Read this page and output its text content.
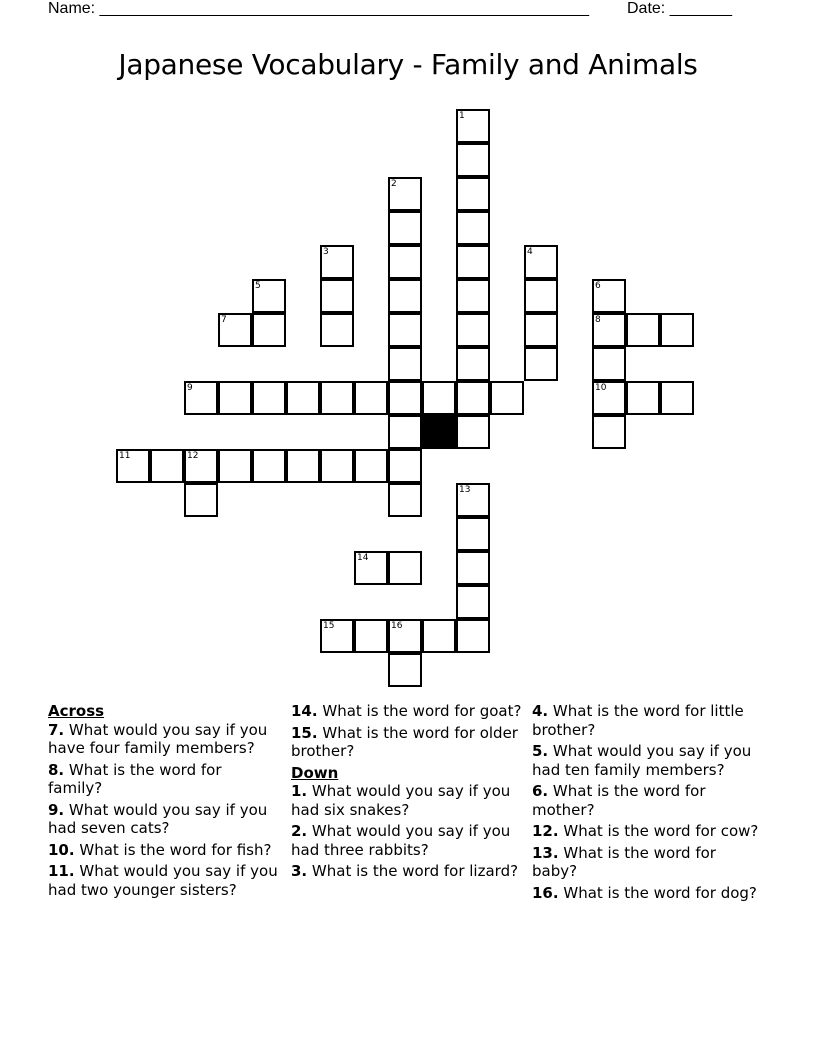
Name: _______________________________________________________ Date: _______
Japanese Vocabulary - Family and Animals
1
2
3	4
5	6
8
10
7
9
11	12
13
14
15	16
Across
7. What would you say if you have four family members?
8. What is the word for family?
9. What would you say if you had seven cats?
10. What is the word for fish?
11. What would you say if you had two younger sisters?
14. What is the word for goat?
15. What is the word for older brother?
Down
1. What would you say if you had six snakes?
2. What would you say if you had three rabbits?
3. What is the word for lizard?
4. What is the word for little brother?
5. What would you say if you had ten family members?
6. What is the word for mother?
12. What is the word for cow?
13. What is the word for baby?
16. What is the word for dog?
